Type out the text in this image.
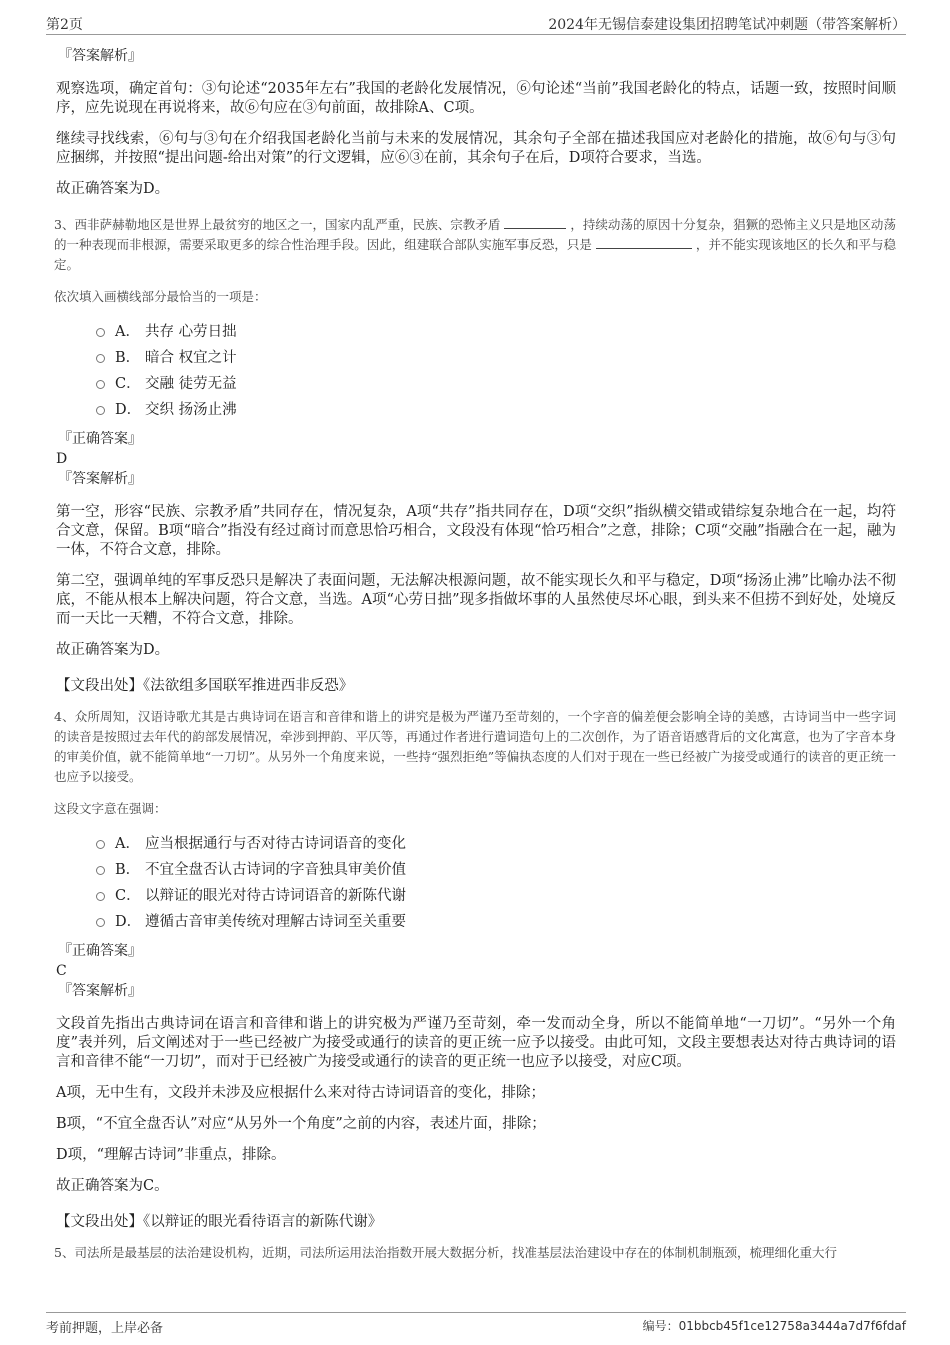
第2页	2024年无锡信泰建设集团招聘笔试冲刺题（带答案解析）
『答案解析』

观察选项，确定首句：③句论述“2035年左右”我国的老龄化发展情况，⑥句论述“当前”我国老龄化的特点，话题一致，按照时间顺序，应先说现在再说将来，故⑥句应在③句前面，故排除A、C项。

继续寻找线索，⑥句与③句在介绍我国老龄化当前与未来的发展情况，其余句子全部在描述我国应对老龄化的措施，故⑥句与③句应捆绑，并按照“提出问题-给出对策”的行文逻辑，应⑥③在前，其余句子在后，D项符合要求，当选。

故正确答案为D。

3、西非萨赫勒地区是世界上最贫穷的地区之一，国家内乱严重，民族、宗教矛盾	，持续动荡的原因十分复杂，猖獗的恐怖主义只是地区动荡的一种表现而非根源，需要采取更多的综合性治理手段。因此，组建联合部队实施军事反恐，只是	，并不能实现该地区的长久和平与稳定。
依次填入画横线部分最恰当的一项是：
A． 共存 心劳日拙
B． 暗合 权宜之计
C． 交融 徒劳无益
D． 交织 扬汤止沸
『正确答案』
D
『答案解析』

第一空，形容“民族、宗教矛盾”共同存在，情况复杂，A项“共存”指共同存在，D项“交织”指纵横交错或错综复杂地合在一起，均符合文意，保留。B项“暗合”指没有经过商讨而意思恰巧相合，文段没有体现“恰巧相合”之意，排除；C项“交融”指融合在一起，融为一体，不符合文意，排除。

第二空，强调单纯的军事反恐只是解决了表面问题，无法解决根源问题，故不能实现长久和平与稳定，D项“扬汤止沸”比喻办法不彻底，不能从根本上解决问题，符合文意，当选。A项“心劳日拙”现多指做坏事的人虽然使尽坏心眼，到头来不但捞不到好处，处境反而一天比一天糟，不符合文意，排除。

故正确答案为D。

【文段出处】《法欲组多国联军推进西非反恐》
4、众所周知，汉语诗歌尤其是古典诗词在语言和音律和谐上的讲究是极为严谨乃至苛刻的，一个字音的偏差便会影响全诗的美感，古诗词当中一些字词的读音是按照过去年代的韵部发展情况，牵涉到押韵、平仄等，再通过作者进行遣词造句上的二次创作，为了语音语感背后的文化寓意，也为了字音本身的审美价值，就不能简单地“一刀切”。从另外一个角度来说，一些持“强烈拒绝”等偏执态度的人们对于现在一些已经被广为接受或通行的读音的更正统一也应予以接受。
这段文字意在强调：
A． 应当根据通行与否对待古诗词语音的变化
B． 不宜全盘否认古诗词的字音独具审美价值
C． 以辩证的眼光对待古诗词语音的新陈代谢
D． 遵循古音审美传统对理解古诗词至关重要
『正确答案』
C
『答案解析』

文段首先指出古典诗词在语言和音律和谐上的讲究极为严谨乃至苛刻，牵一发而动全身，所以不能简单地“一刀切”。“另外一个角度”表并列，后文阐述对于一些已经被广为接受或通行的读音的更正统一应予以接受。由此可知，文段主要想表达对待古典诗词的语言和音律不能“一刀切”，而对于已经被广为接受或通行的读音的更正统一也应予以接受，对应C项。

A项，无中生有，文段并未涉及应根据什么来对待古诗词语音的变化，排除；

B项，“不宜全盘否认”对应“从另外一个角度”之前的内容，表述片面，排除；

D项，“理解古诗词”非重点，排除。

故正确答案为C。

【文段出处】《以辩证的眼光看待语言的新陈代谢》
5、司法所是最基层的法治建设机构，近期，司法所运用法治指数开展大数据分析，找准基层法治建设中存在的体制机制瓶颈，梳理细化重大行
考前押题，上岸必备	编号：01bbcb45f1ce12758a3444a7d7f6fdaf
